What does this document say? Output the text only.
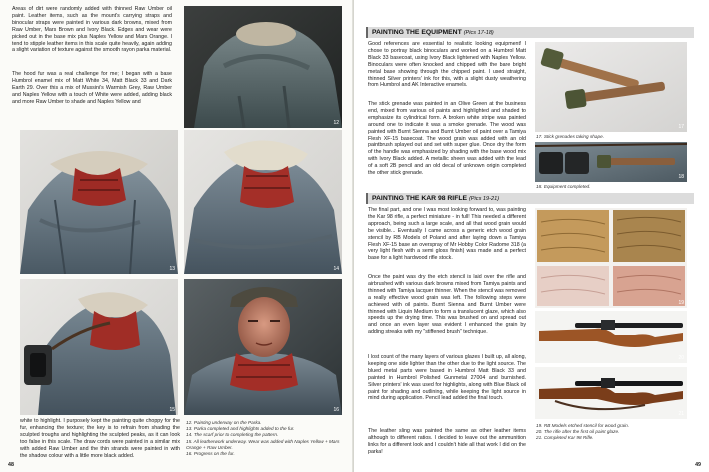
Areas of dirt were randomly added with thinned Raw Umber oil paint. Leather items, such as the mount's carrying straps and binocular straps were painted in various dark browns, mixed from Raw Umber, Mars Brown and Ivory Black. Edges and wear were picked out in the base mix plus Naples Yellow and Mars Orange. I tend to stipple leather items in this scale quite heavily, again adding a slight variation of texture against the smooth rayon parka material.

The hood fur was a real challenge for me; I began with a base Humbrol enamel mix of Matt White 34, Matt Black 33 and Dark Earth 29. Over this a mix of Mussini's Warmish Grey, Raw Umber and Naples Yellow with a touch of White were added, adding black and more Raw Umber to shade and Naples Yellow and

12
13	14
15	16

white to highlight. I purposely kept the painting quite choppy for the fur, enhancing the texture; the key is to refrain from shading the sculpted troughs and highlighting the sculpted peaks, as it can look too false in this scale. The draw cords were painted in a similar mix with added Raw Umber and the thin strands were painted in with the shadow colour with a little more black added.

12. Painting underway on the Parka.
13. Parka completed and highlights added to the fur.
14. The scarf prior to completing the pattern.
15. All leatherwork underway. Wear was added with Naples Yellow + Mars
Orange + Raw Umber.
16. Progress on the fur.
48
PAINTING THE EQUIPMENT (Pics 17-18)

Good references are essential to realistic looking equipment! I chose to portray black binoculars and worked on a Humbrol Matt Black 33 basecoat, using Ivory Black lightened with Naples Yellow. Binoculars were often knocked and chipped with the bare bright metal base showing through the chipped paint. I used straight, thinned Silver printers' ink for this, with a slight dusty weathering from Humbrol and AK Interactive enamels.

The stick grenade was painted in an Olive Green at the business end, mixed from various oil paints and highlighted and shaded to emphasize its cylindrical form. A broken white stripe was painted around one to indicate it was a smoke grenade. The wood was painted with Burnt Sienna and Burnt Umber oil paint over a Tamiya Flesh XF-15 basecoat. The wood grain was added with an old paintbrush splayed out and set with super glue. Once dry the form of the handle was emphasized by shading with the base wood mix with Ivory Black added. A metallic sheen was added with the lead of a soft 2B pencil and an old decal of unknown origin completed the other stick grenade.

17
17. Stick grenades taking shape.
18
18. Equipment completed.
PAINTING THE KAR 98 RIFLE (Pics 19-21)

The final part, and one I was most looking forward to, was painting the Kar 98 rifle, a perfect miniature - in full! This needed a different approach, being such a large scale, and all that wood grain would be visible... Eventually I came across a generic etch wood grain stencil by RB Models of Poland and after laying down a Tamiya Flesh XF-15 base an overspray of Mr Hobby Color Radome 318 (a very light flesh with a semi gloss finish) was made and a perfect base for a light hardwood rifle stock.

Once the paint was dry the etch stencil is laid over the rifle and airbrushed with various dark browns mixed from Tamiya paints and thinned with Tamiya lacquer thinner. When the stencil was removed a really effective wood grain was left. The following steps were achieved with oil paints. Burnt Sienna and Burnt Umber were thinned with Liquin Medium to form a translucent glaze, which also speeds up the drying time. This was brushed on and spread out and once an even layer was evident I enhanced the grain by adding streaks with my "stiffened brush" technique.

I lost count of the many layers of various glazes I built up, all along, keeping one side lighter than the other due to the light source. The blued metal parts were based in Humbrol Matt Black 33 and painted in Humbrol Polished Gunmetal 27004 and burnished. Silver printers' ink was used for highlights, along with Blue Black oil paint for shading and outlining, while keeping the light source in mind during application. Pencil lead added the final touch.

The leather sling was painted the same as other leather items although to different ratios. I decided to leave out the ammunition links for a different look and I couldn't hide all that work I did on the parka!

19
20
21
19. RB Models etched stencil for wood grain.
20. The rifle after the first oil paint glaze.
21. Completed Kar 98 Rifle.
49
